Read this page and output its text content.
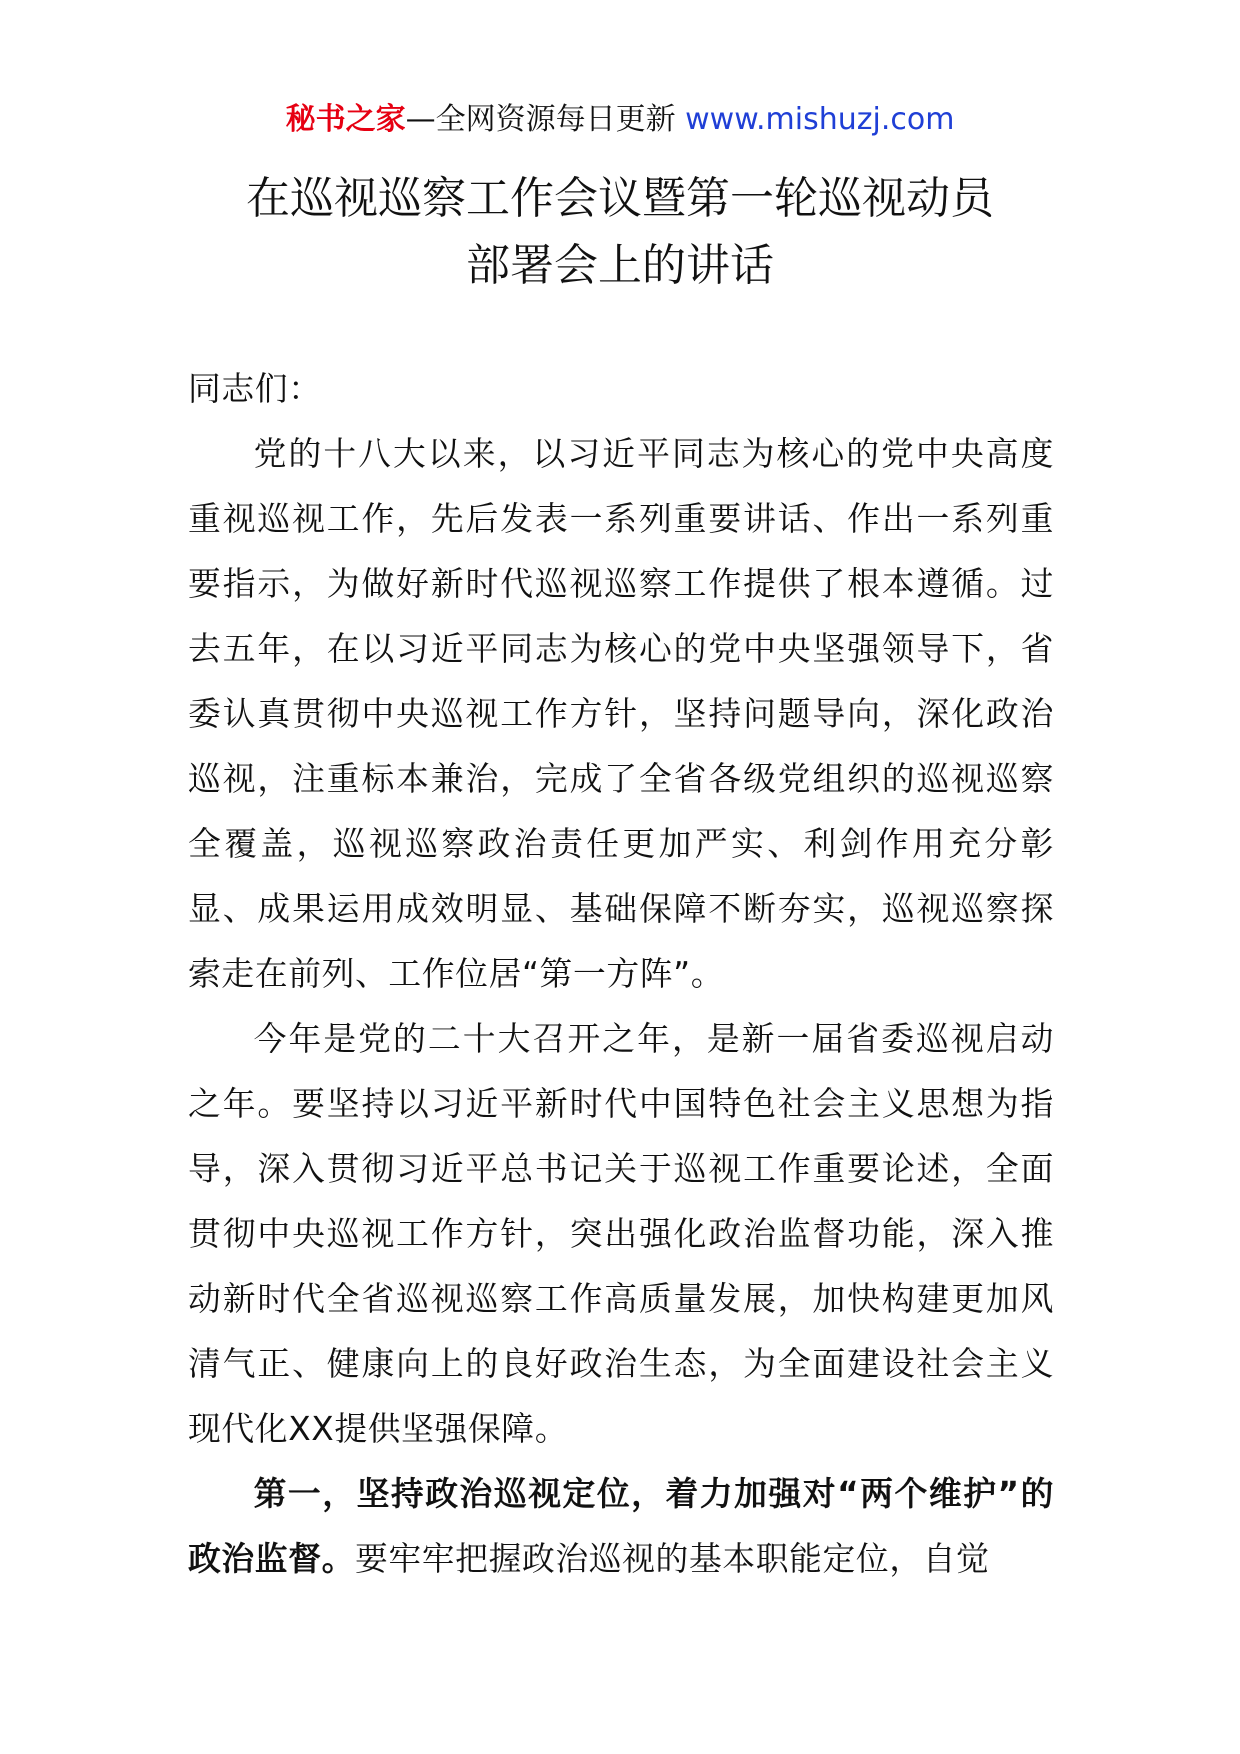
秘书之家—全网资源每日更新 www.mishuzj.com
在巡视巡察工作会议暨第一轮巡视动员
部署会上的讲话

同志们：

党的十八大以来，以习近平同志为核心的党中央高度重视巡视工作，先后发表一系列重要讲话、作出一系列重要指示，为做好新时代巡视巡察工作提供了根本遵循。过去五年，在以习近平同志为核心的党中央坚强领导下，省委认真贯彻中央巡视工作方针，坚持问题导向，深化政治巡视，注重标本兼治，完成了全省各级党组织的巡视巡察全覆盖，巡视巡察政治责任更加严实、利剑作用充分彰显、成果运用成效明显、基础保障不断夯实，巡视巡察探索走在前列、工作位居“第一方阵”。

今年是党的二十大召开之年，是新一届省委巡视启动之年。要坚持以习近平新时代中国特色社会主义思想为指导，深入贯彻习近平总书记关于巡视工作重要论述，全面贯彻中央巡视工作方针，突出强化政治监督功能，深入推动新时代全省巡视巡察工作高质量发展，加快构建更加风清气正、健康向上的良好政治生态，为全面建设社会主义现代化XX提供坚强保障。

第一，坚持政治巡视定位，着力加强对“两个维护”的政治监督。要牢牢把握政治巡视的基本职能定位，自觉
